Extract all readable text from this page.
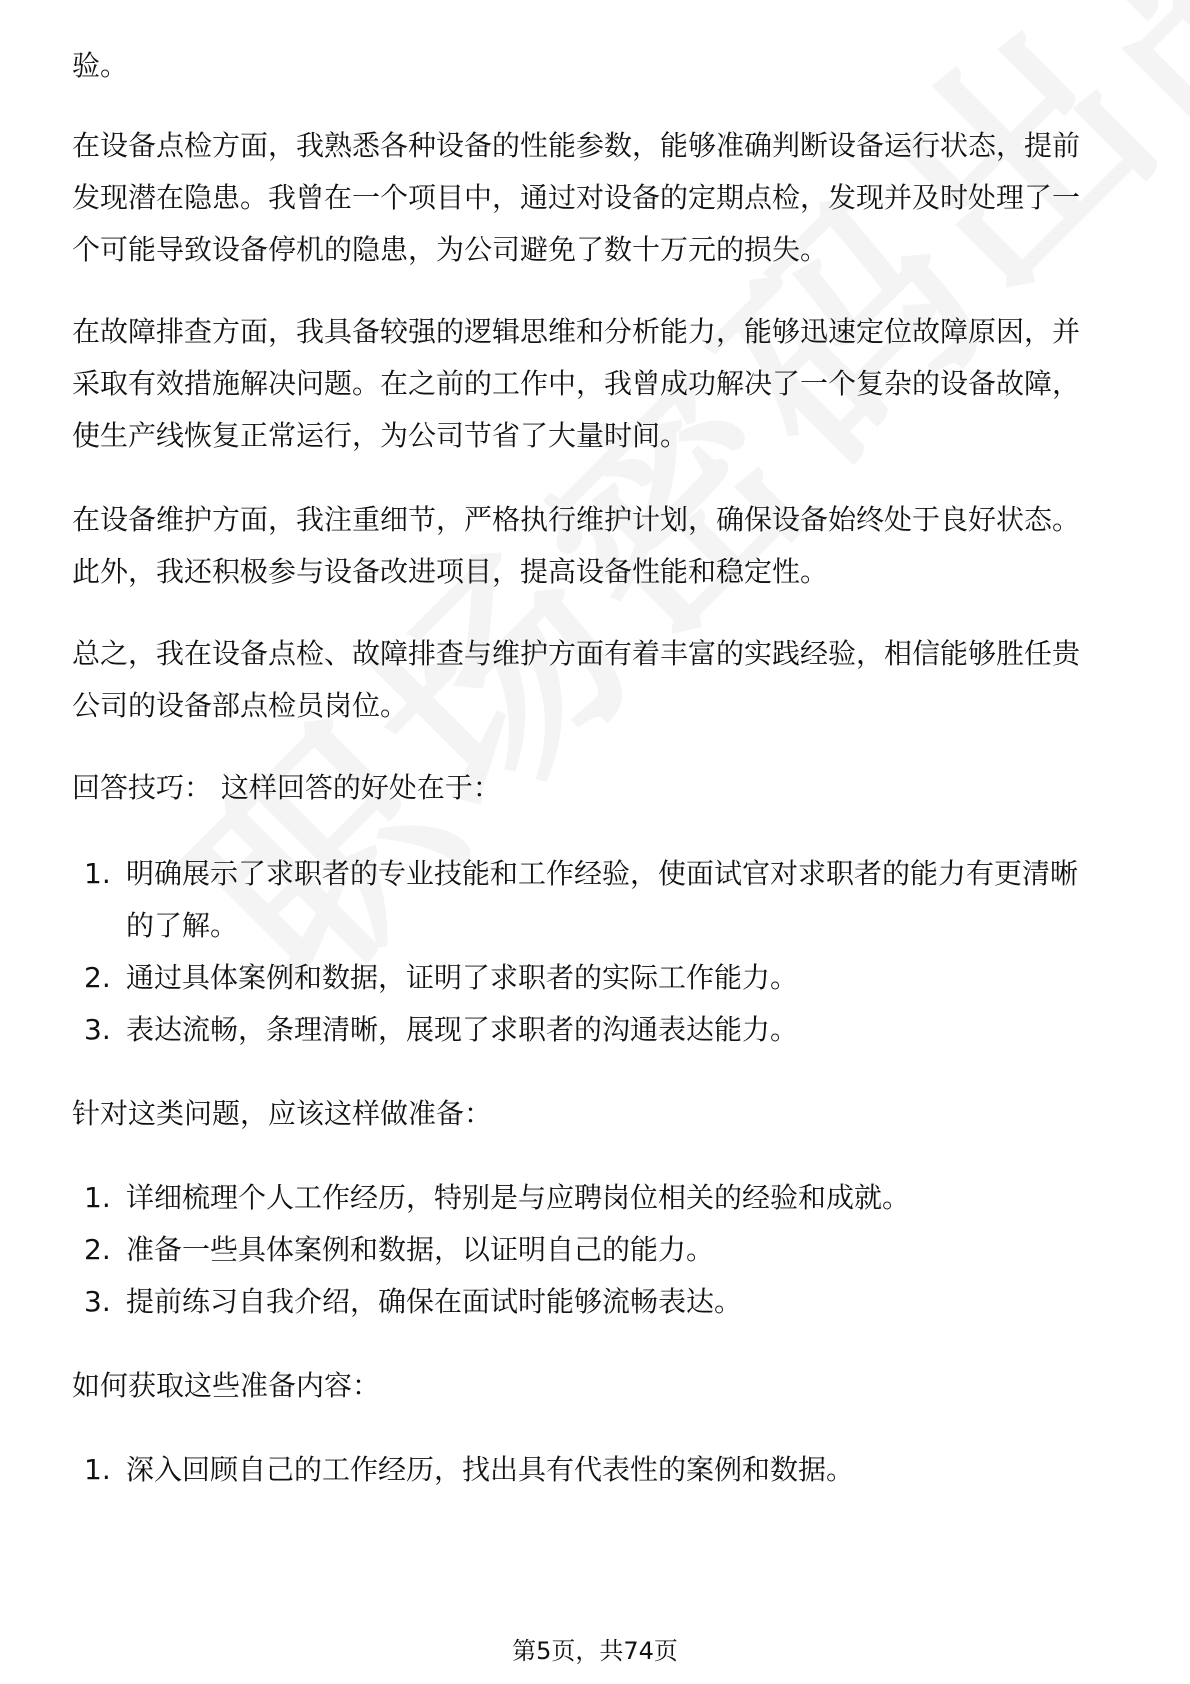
验。
在设备点检方面，我熟悉各种设备的性能参数，能够准确判断设备运行状态，提前
发现潜在隐患。我曾在一个项目中，通过对设备的定期点检，发现并及时处理了一
个可能导致设备停机的隐患，为公司避免了数十万元的损失。
在故障排查方面，我具备较强的逻辑思维和分析能力，能够迅速定位故障原因，并
采取有效措施解决问题。在之前的工作中，我曾成功解决了一个复杂的设备故障，
使生产线恢复正常运行，为公司节省了大量时间。
在设备维护方面，我注重细节，严格执行维护计划，确保设备始终处于良好状态。
此外，我还积极参与设备改进项目，提高设备性能和稳定性。
总之，我在设备点检、故障排查与维护方面有着丰富的实践经验，相信能够胜任贵
公司的设备部点检员岗位。
回答技巧： 这样回答的好处在于：
1. 明确展示了求职者的专业技能和工作经验，使面试官对求职者的能力有更清晰
的了解。
2. 通过具体案例和数据，证明了求职者的实际工作能力。
3. 表达流畅，条理清晰，展现了求职者的沟通表达能力。
针对这类问题，应该这样做准备：
1. 详细梳理个人工作经历，特别是与应聘岗位相关的经验和成就。
2. 准备一些具体案例和数据，以证明自己的能力。
3. 提前练习自我介绍，确保在面试时能够流畅表达。
如何获取这些准备内容：
1. 深入回顾自己的工作经历，找出具有代表性的案例和数据。
第5页，共74页
